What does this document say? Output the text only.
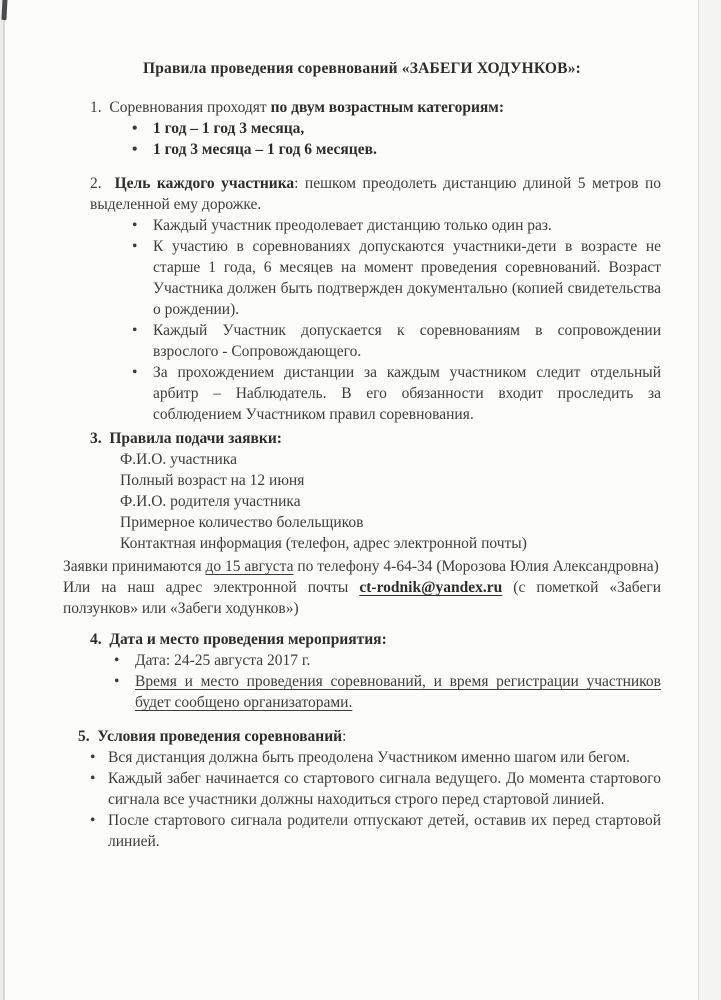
Правила проведения соревнований «ЗАБЕГИ ХОДУНКОВ»:
1. Соревнования проходят по двум возрастным категориям:
• 1 год – 1 год 3 месяца,
• 1 год 3 месяца – 1 год 6 месяцев.
2. Цель каждого участника: пешком преодолеть дистанцию длиной 5 метров по выделенной ему дорожке.
• Каждый участник преодолевает дистанцию только один раз.
• К участию в соревнованиях допускаются участники-дети в возрасте не старше 1 года, 6 месяцев на момент проведения соревнований. Возраст Участника должен быть подтвержден документально (копией свидетельства о рождении).
• Каждый Участник допускается к соревнованиям в сопровождении взрослого - Сопровождающего.
• За прохождением дистанции за каждым участником следит отдельный арбитр – Наблюдатель. В его обязанности входит проследить за соблюдением Участником правил соревнования.
3. Правила подачи заявки:
Ф.И.О. участника
Полный возраст на 12 июня
Ф.И.О. родителя участника
Примерное количество болельщиков
Контактная информация (телефон, адрес электронной почты)
Заявки принимаются до 15 августа по телефону 4-64-34 (Морозова Юлия Александровна)
Или на наш адрес электронной почты ct-rodnik@yandex.ru (с пометкой «Забеги ползунков» или «Забеги ходунков»)
4. Дата и место проведения мероприятия:
• Дата: 24-25 августа 2017 г.
• Время и место проведения соревнований, и время регистрации участников будет сообщено организаторами.
5. Условия проведения соревнований:
• Вся дистанция должна быть преодолена Участником именно шагом или бегом.
• Каждый забег начинается со стартового сигнала ведущего. До момента стартового сигнала все участники должны находиться строго перед стартовой линией.
• После стартового сигнала родители отпускают детей, оставив их перед стартовой линией.
